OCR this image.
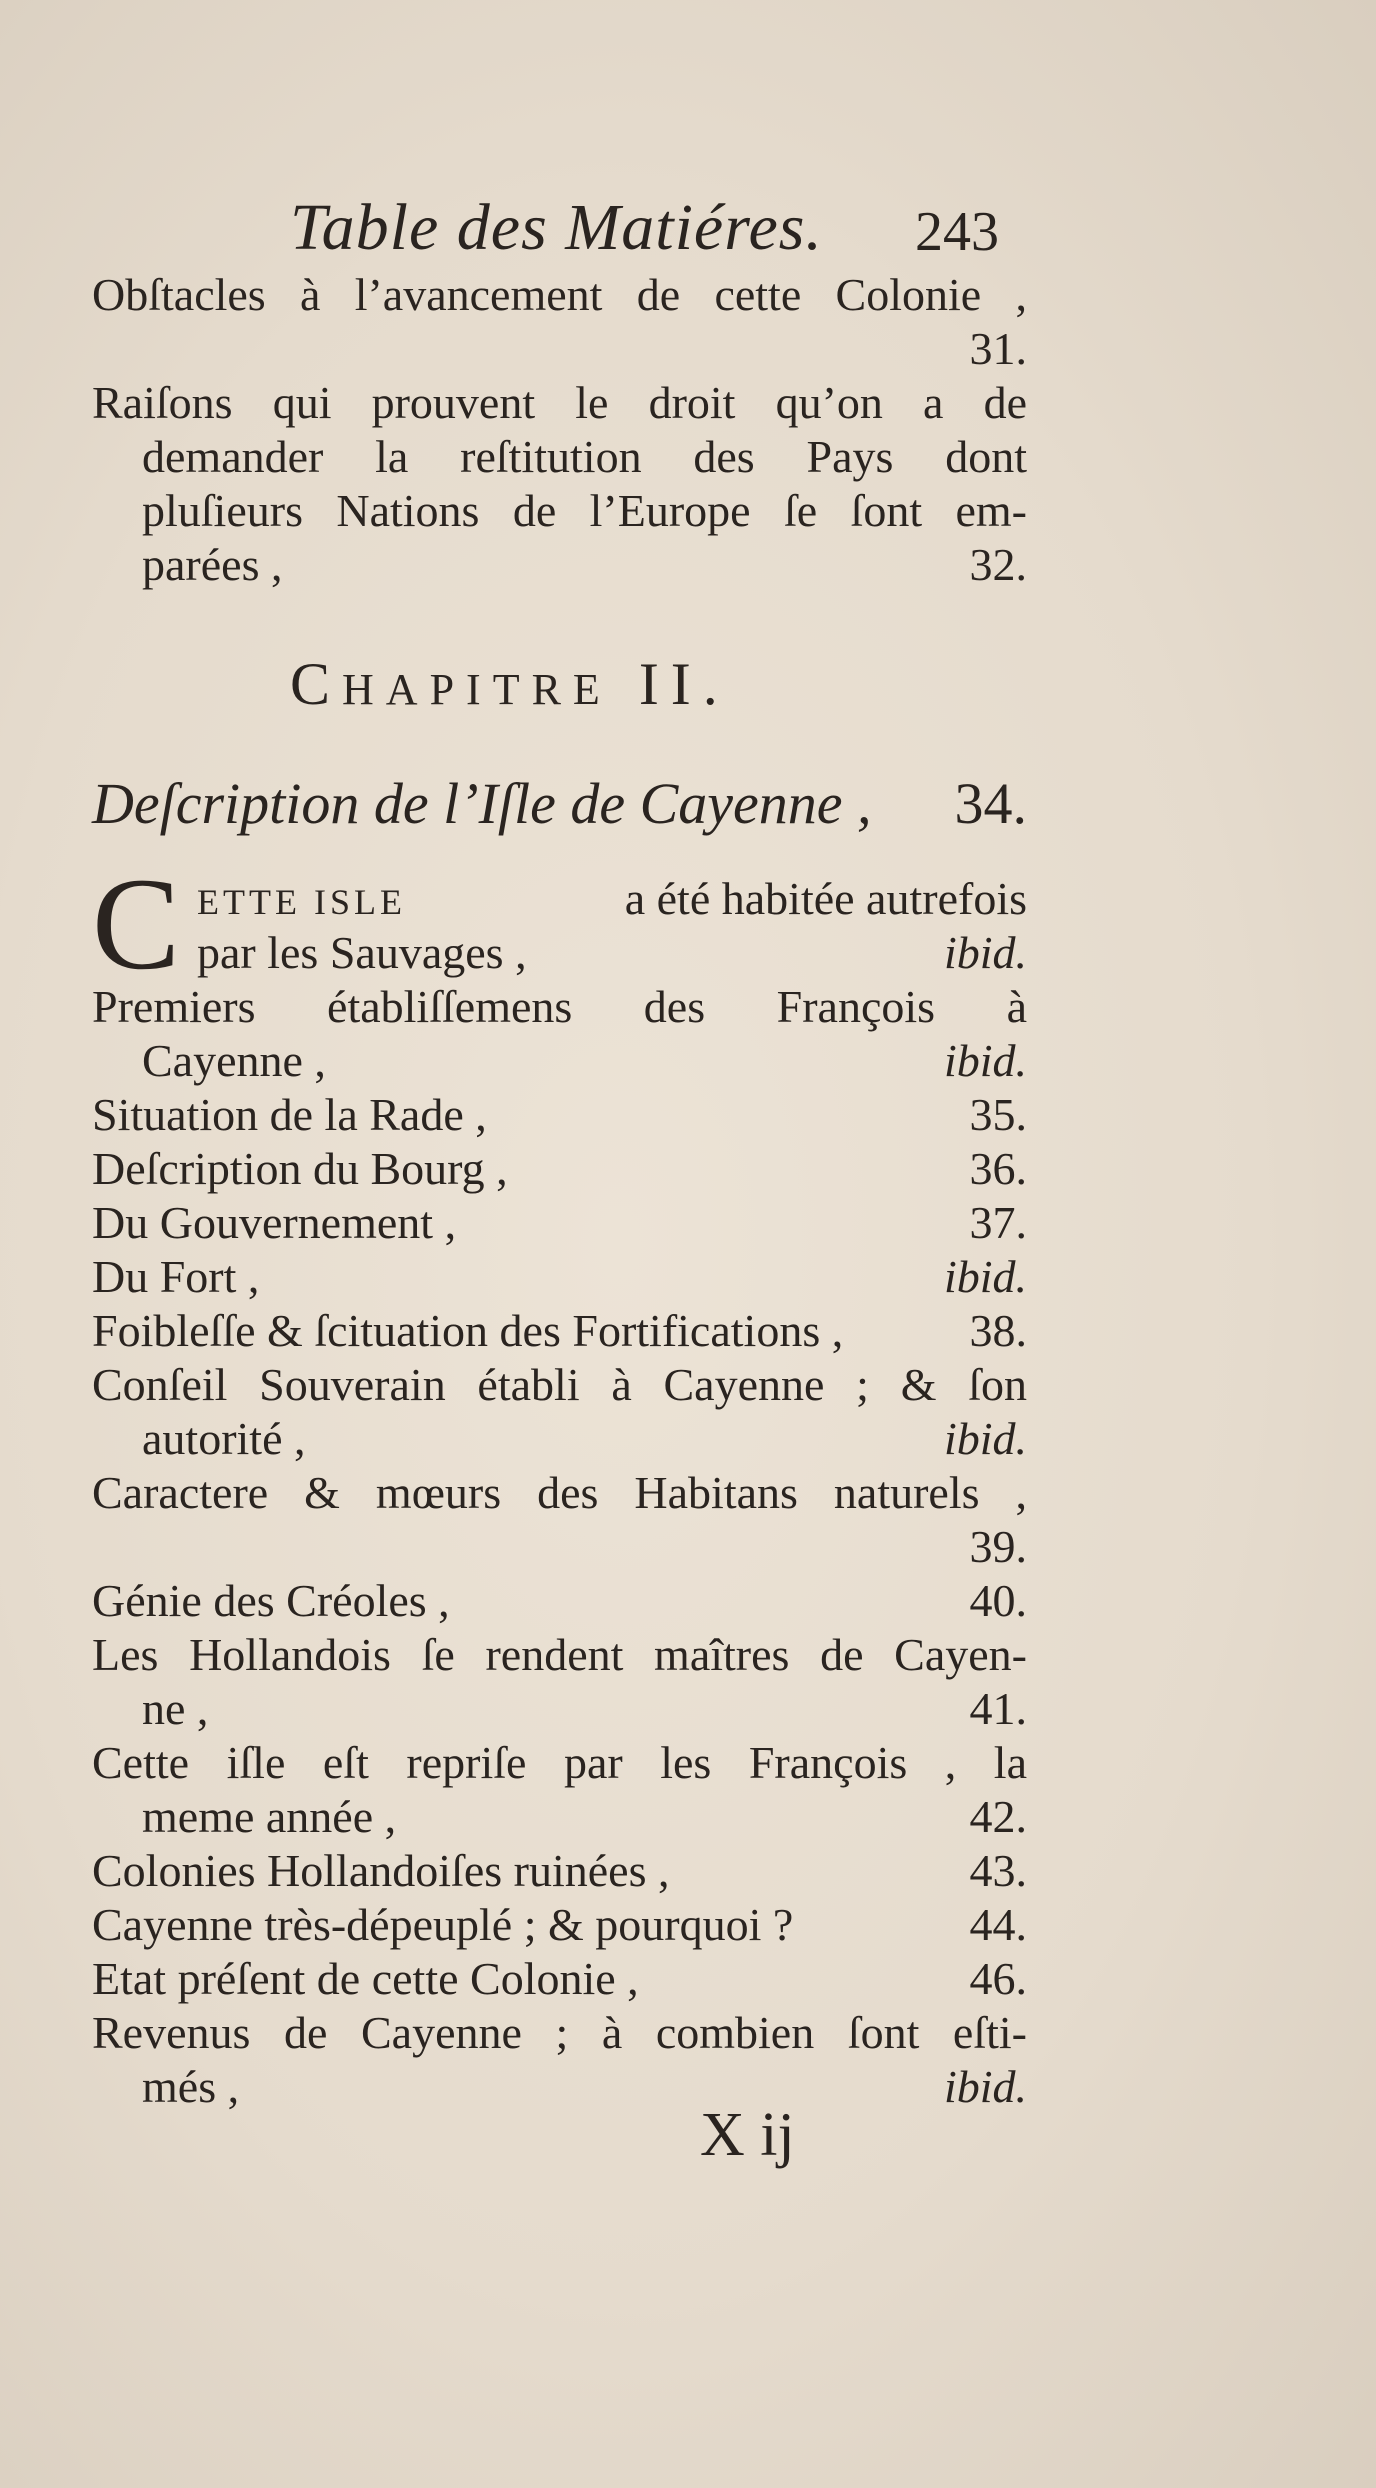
Table des Matiéres. 243
Obſtacles à l’avancement de cette Colonie ,
31.
Raiſons qui prouvent le droit qu’on a de
demander la reſtitution des Pays dont
pluſieurs Nations de l’Europe ſe ſont em-
parées ,	32.
CHAPITRE II.
Deſcription de l’Iſle de Cayenne , 34.
C ETTE ISLE	a été habitée autrefois
par les Sauvages ,	ibid.
Premiers établiſſemens des François à
Cayenne ,	ibid.
Situation de la Rade ,	35.
Deſcription du Bourg ,	36.
Du Gouvernement ,	37.
Du Fort ,	ibid.
Foibleſſe & ſcituation des Fortifications ,	38.
Conſeil Souverain établi à Cayenne ; & ſon
autorité ,	ibid.
Caractere & mœurs des Habitans naturels ,
39.
Génie des Créoles ,	40.
Les Hollandois ſe rendent maîtres de Cayen-
ne ,	41.
Cette iſle eſt repriſe par les François , la
meme année ,	42.
Colonies Hollandoiſes ruinées ,	43.
Cayenne très-dépeuplé ; & pourquoi ?	44.
Etat préſent de cette Colonie ,	46.
Revenus de Cayenne ; à combien ſont eſti-
més ,	ibid.
X ij
